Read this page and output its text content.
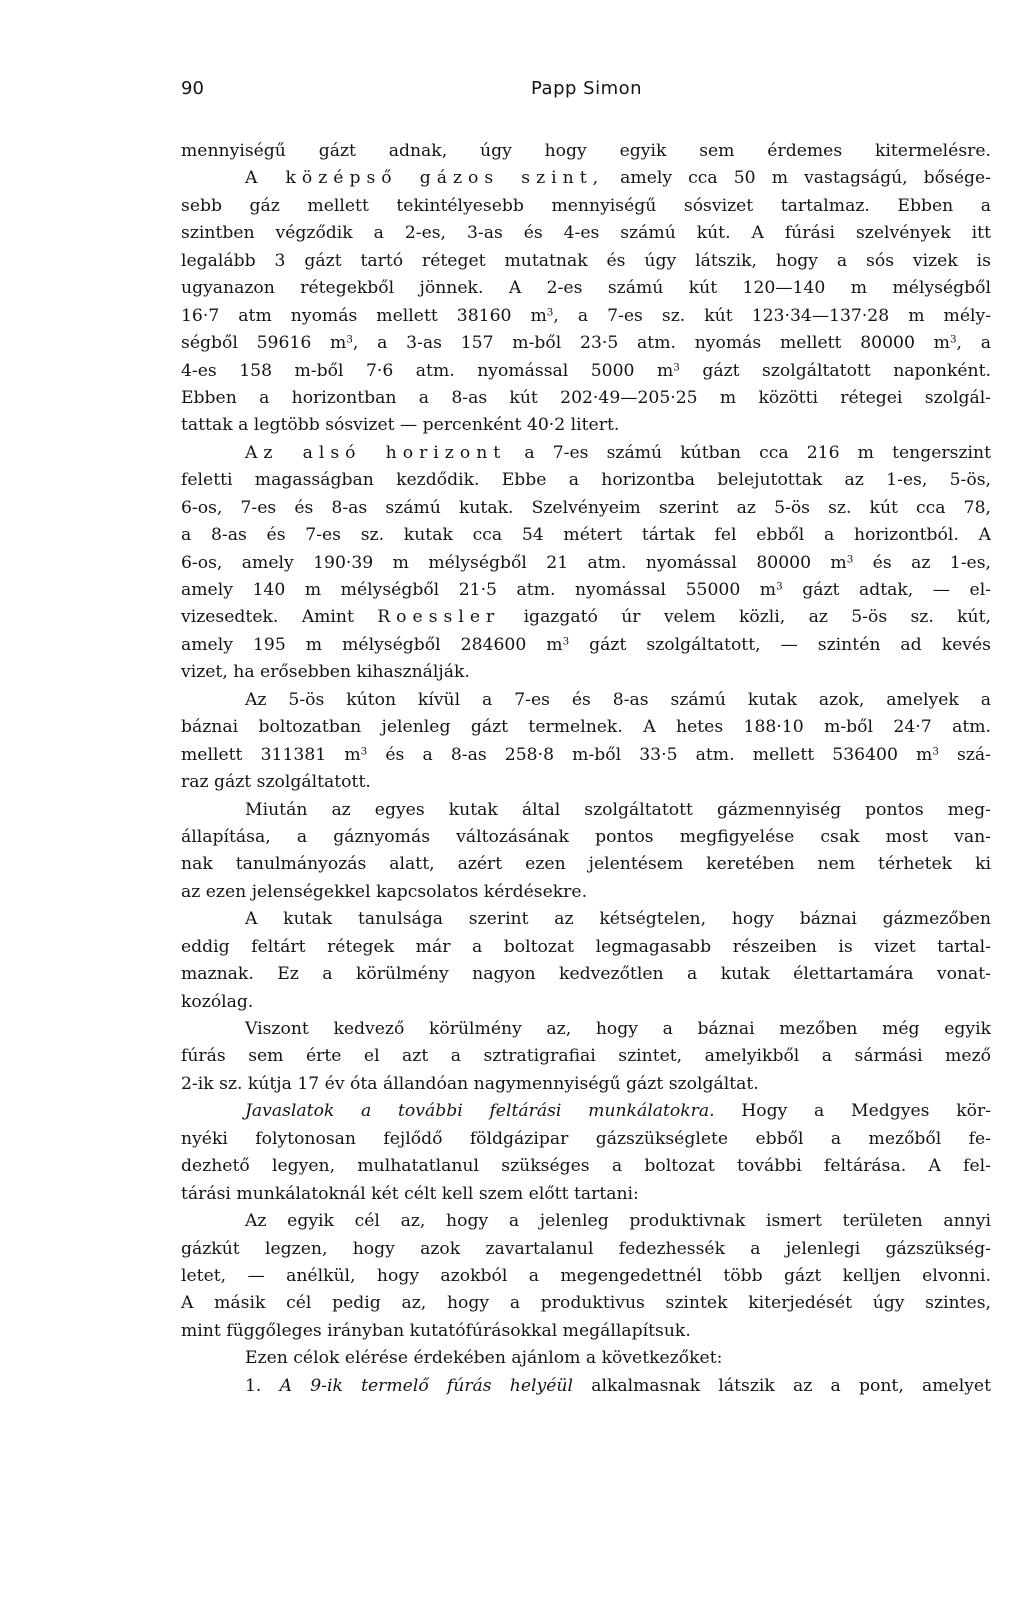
90	Papp Simon
mennyiségű gázt adnak, úgy hogy egyik sem érdemes kitermelésre.
A középső gázos szint, amely cca 50 m vastagságú, bősége-
sebb gáz mellett tekintélyesebb mennyiségű sósvizet tartalmaz. Ebben a
szintben végződik a 2-es, 3-as és 4-es számú kút. A fúrási szelvények itt
legalább 3 gázt tartó réteget mutatnak és úgy látszik, hogy a sós vizek is
ugyanazon rétegekből jönnek. A 2-es számú kút 120—140 m mélységből
16·7 atm nyomás mellett 38160 $m^3$, a 7-es sz. kút 123·34—137·28 m mély-
ségből 59616 $m^3$, a 3-as 157 m-ből 23·5 atm. nyomás mellett 80000 $m^3$, a
4-es 158 m-ből 7·6 atm. nyomással 5000 $m^3$ gázt szolgáltatott naponként.
Ebben a horizontban a 8-as kút 202·49—205·25 m közötti rétegei szolgál-
tattak a legtöbb sósvizet — percenként 40·2 litert.
Az alsó horizont a 7-es számú kútban cca 216 m tengerszint
feletti magasságban kezdődik. Ebbe a horizontba belejutottak az 1-es, 5-ös,
6-os, 7-es és 8-as számú kutak. Szelvényeim szerint az 5-ös sz. kút cca 78,
a 8-as és 7-es sz. kutak cca 54 métert tártak fel ebből a horizontból. A
6-os, amely 190·39 m mélységből 21 atm. nyomással 80000 $m^3$ és az 1-es,
amely 140 m mélységből 21·5 atm. nyomással 55000 $m^3$ gázt adtak, — el-
vizesedtek. Amint Roessler igazgató úr velem közli, az 5-ös sz. kút,
amely 195 m mélységből 284600 $m^3$ gázt szolgáltatott, — szintén ad kevés
vizet, ha erősebben kihasználják.
Az 5-ös kúton kívül a 7-es és 8-as számú kutak azok, amelyek a
báznai boltozatban jelenleg gázt termelnek. A hetes 188·10 m-ből 24·7 atm.
mellett 311381 $m^3$ és a 8-as 258·8 m-ből 33·5 atm. mellett 536400 $m^3$ szá-
raz gázt szolgáltatott.
Miután az egyes kutak által szolgáltatott gázmennyiség pontos meg-
állapítása, a gáznyomás változásának pontos megfigyelése csak most van-
nak tanulmányozás alatt, azért ezen jelentésem keretében nem térhetek ki
az ezen jelenségekkel kapcsolatos kérdésekre.
A kutak tanulsága szerint az kétségtelen, hogy báznai gázmezőben
eddig feltárt rétegek már a boltozat legmagasabb részeiben is vizet tartal-
maznak. Ez a körülmény nagyon kedvezőtlen a kutak élettartamára vonat-
kozólag.
Viszont kedvező körülmény az, hogy a báznai mezőben még egyik
fúrás sem érte el azt a sztratigrafiai szintet, amelyikből a sármási mező
2-ik sz. kútja 17 év óta állandóan nagymennyiségű gázt szolgáltat.
Javaslatok a további feltárási munkálatokra. Hogy a Medgyes kör-
nyéki folytonosan fejlődő földgázipar gázszükséglete ebből a mezőből fe-
dezhető legyen, mulhatatlanul szükséges a boltozat további feltárása. A fel-
tárási munkálatoknál két célt kell szem előtt tartani:
Az egyik cél az, hogy a jelenleg produktivnak ismert területen annyi
gázkút legzen, hogy azok zavartalanul fedezhessék a jelenlegi gázszükség-
letet, — anélkül, hogy azokból a megengedettnél több gázt kelljen elvonni.
A másik cél pedig az, hogy a produktivus szintek kiterjedését úgy szintes,
mint függőleges irányban kutatófúrásokkal megállapítsuk.
Ezen célok elérése érdekében ajánlom a következőket:
1. A 9-ik termelő fúrás helyéül alkalmasnak látszik az a pont, amelyet
